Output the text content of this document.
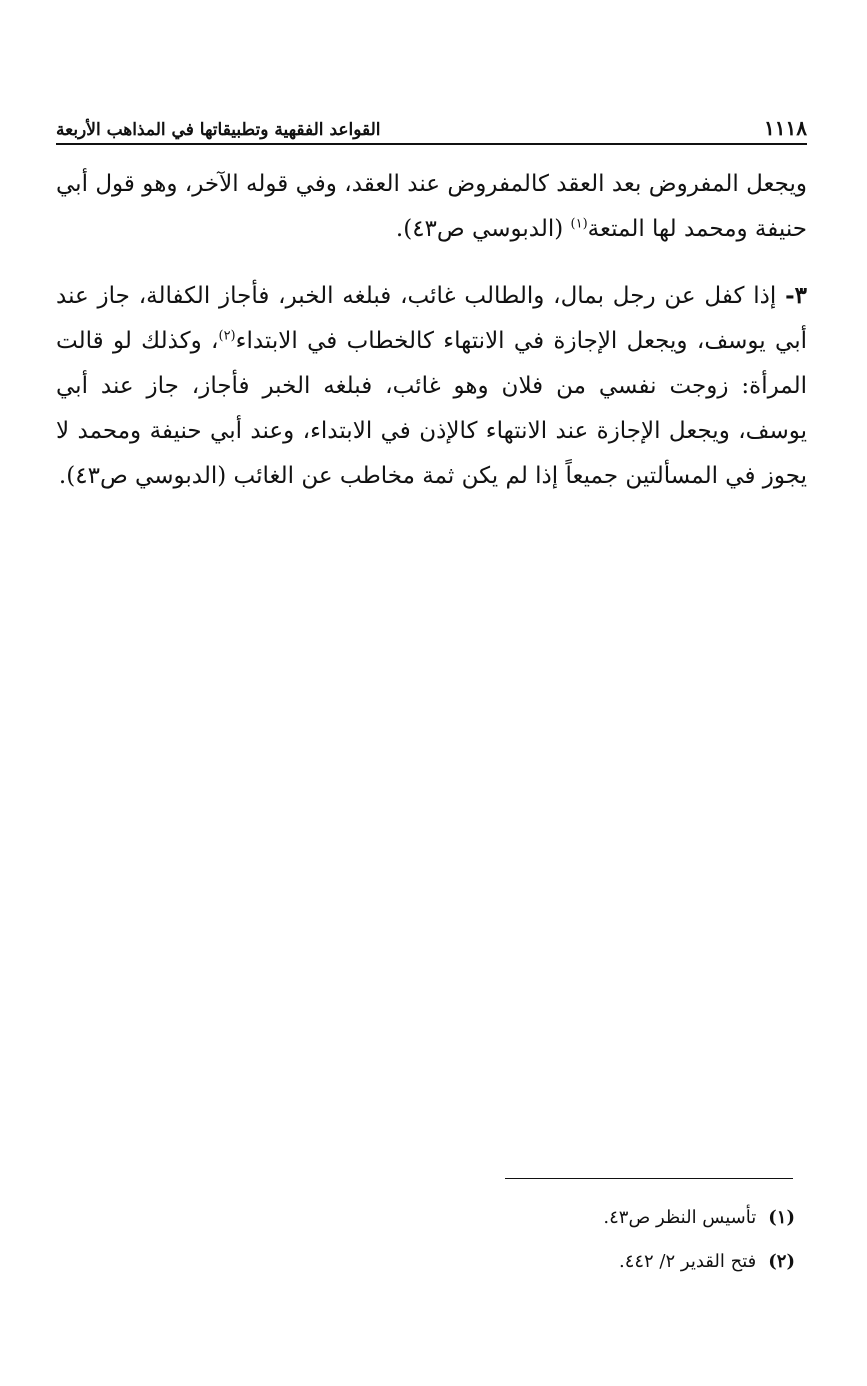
١١١٨
القواعد الفقهية وتطبيقاتها في المذاهب الأربعة

ويجعل المفروض بعد العقد كالمفروض عند العقد، وفي قوله الآخر، وهو قول أبي حنيفة ومحمد لها المتعة$^{(١)}$ (الدبوسي ص٤٣).

٣- إذا كفل عن رجل بمال، والطالب غائب، فبلغه الخبر، فأجاز الكفالة، جاز عند أبي يوسف، ويجعل الإجازة في الانتهاء كالخطاب في الابتداء$^{(٢)}$، وكذلك لو قالت المرأة: زوجت نفسي من فلان وهو غائب، فبلغه الخبر فأجاز، جاز عند أبي يوسف، ويجعل الإجازة عند الانتهاء كالإذن في الابتداء، وعند أبي حنيفة ومحمد لا يجوز في المسألتين جميعاً إذا لم يكن ثمة مخاطب عن الغائب (الدبوسي ص٤٣).

(١)
تأسيس النظر ص٤٣.
(٢)
فتح القدير ٢/ ٤٤٢.
